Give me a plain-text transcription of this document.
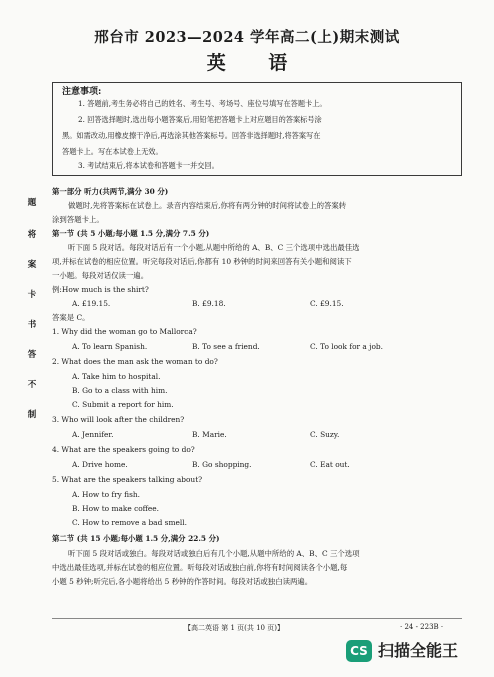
邢台市 2023—2024 学年高二(上)期末测试
英 语
注意事项:
1. 答题前,考生务必将自己的姓名、考生号、考场号、座位号填写在答题卡上。
2. 回答选择题时,选出每小题答案后,用铅笔把答题卡上对应题目的答案标号涂
黑。如需改动,用橡皮擦干净后,再选涂其他答案标号。回答非选择题时,将答案写在
答题卡上。写在本试卷上无效。
3. 考试结束后,将本试卷和答题卡一并交回。
題
将
案
卡
书
答
不
制
第一部分 听力(共两节,满分 30 分)
做题时,先将答案标在试卷上。录音内容结束后,你将有两分钟的时间将试卷上的答案转
涂到答题卡上。
第一节 (共 5 小题;每小题 1.5 分,满分 7.5 分)
听下面 5 段对话。每段对话后有一个小题,从题中所给的 A、B、C 三个选项中选出最佳选
项,并标在试卷的相应位置。听完每段对话后,你都有 10 秒钟的时间来回答有关小题和阅读下
一小题。每段对话仅读一遍。
例:How much is the shirt?
A. £19.15.	B. £9.18.	C. £9.15.
答案是 C。
1. Why did the woman go to Mallorca?
A. To learn Spanish.	B. To see a friend.	C. To look for a job.
2. What does the man ask the woman to do?
A. Take him to hospital.
B. Go to a class with him.
C. Submit a report for him.
3. Who will look after the children?
A. Jennifer.	B. Marie.	C. Suzy.
4. What are the speakers going to do?
A. Drive home.	B. Go shopping.	C. Eat out.
5. What are the speakers talking about?
A. How to fry fish.
B. How to make coffee.
C. How to remove a bad smell.
第二节 (共 15 小题;每小题 1.5 分,满分 22.5 分)
听下面 5 段对话或独白。每段对话或独白后有几个小题,从题中所给的 A、B、C 三个选项
中选出最佳选项,并标在试卷的相应位置。听每段对话或独白前,你将有时间阅读各个小题,每
小题 5 秒钟;听完后,各小题将给出 5 秒钟的作答时间。每段对话或独白读两遍。
【高二英语 第 1 页(共 10 页)】	· 24 - 223B ·
CS 扫描全能王
